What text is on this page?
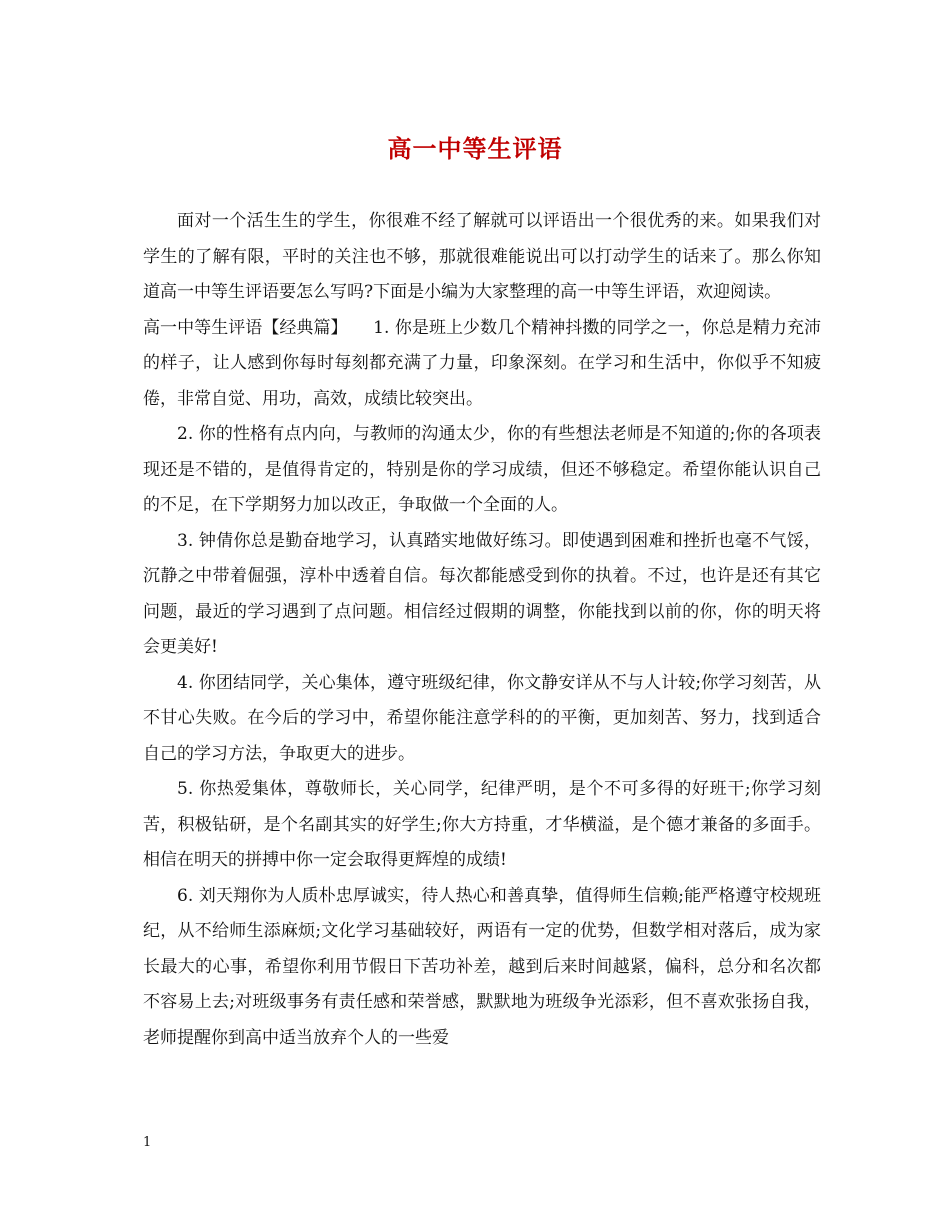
高一中等生评语

面对一个活生生的学生，你很难不经了解就可以评语出一个很优秀的来。如果我们对学生的了解有限，平时的关注也不够，那就很难能说出可以打动学生的话来了。那么你知道高一中等生评语要怎么写吗?下面是小编为大家整理的高一中等生评语，欢迎阅读。

高一中等生评语【经典篇】　　1. 你是班上少数几个精神抖擞的同学之一，你总是精力充沛的样子，让人感到你每时每刻都充满了力量，印象深刻。在学习和生活中，你似乎不知疲倦，非常自觉、用功，高效，成绩比较突出。

2. 你的性格有点内向，与教师的沟通太少，你的有些想法老师是不知道的;你的各项表现还是不错的，是值得肯定的，特别是你的学习成绩，但还不够稳定。希望你能认识自己的不足，在下学期努力加以改正，争取做一个全面的人。

3. 钟倩你总是勤奋地学习，认真踏实地做好练习。即使遇到困难和挫折也毫不气馁，沉静之中带着倔强，淳朴中透着自信。每次都能感受到你的执着。不过，也许是还有其它问题，最近的学习遇到了点问题。相信经过假期的调整，你能找到以前的你，你的明天将会更美好!

4. 你团结同学，关心集体，遵守班级纪律，你文静安详从不与人计较;你学习刻苦，从不甘心失败。在今后的学习中，希望你能注意学科的的平衡，更加刻苦、努力，找到适合自己的学习方法，争取更大的进步。

5. 你热爱集体，尊敬师长，关心同学，纪律严明，是个不可多得的好班干;你学习刻苦，积极钻研，是个名副其实的好学生;你大方持重，才华横溢，是个德才兼备的多面手。相信在明天的拼搏中你一定会取得更辉煌的成绩!

6. 刘天翔你为人质朴忠厚诚实，待人热心和善真挚，值得师生信赖;能严格遵守校规班纪，从不给师生添麻烦;文化学习基础较好，两语有一定的优势，但数学相对落后，成为家长最大的心事，希望你利用节假日下苦功补差，越到后来时间越紧，偏科，总分和名次都不容易上去;对班级事务有责任感和荣誉感，默默地为班级争光添彩，但不喜欢张扬自我，老师提醒你到高中适当放弃个人的一些爱

1
